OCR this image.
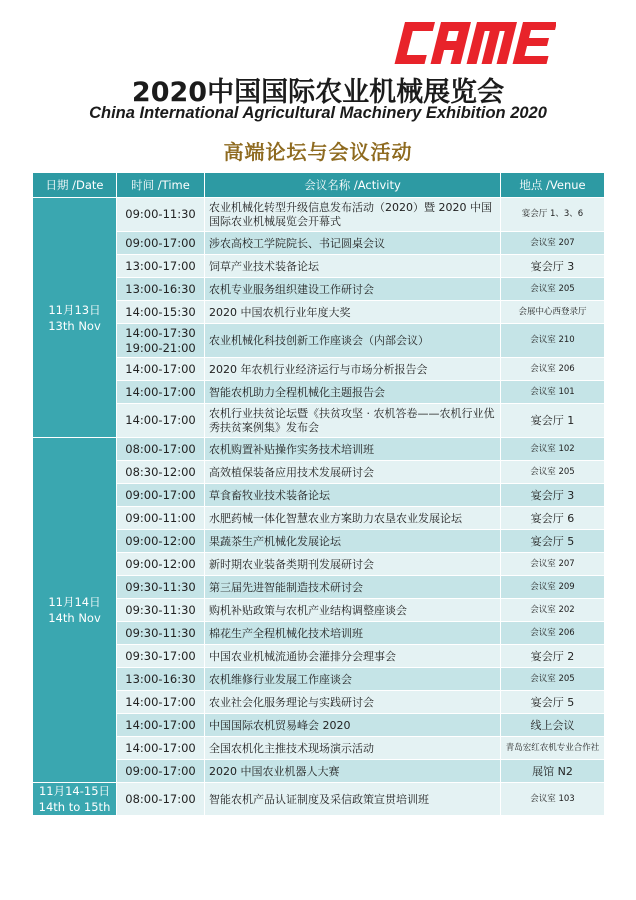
2020中国国际农业机械展览会
China International Agricultural Machinery Exhibition 2020
高端论坛与会议活动
日期 /Date	时间 /Time	会议名称 /Activity	地点 /Venue

11月13日
13th Nov	09:00-11:30	农业机械化转型升级信息发布活动（2020）暨 2020 中国国际农业机械展览会开幕式	宴会厅 1、3、6

	09:00-17:00	涉农高校工学院院长、书记圆桌会议	会议室 207

	13:00-17:00	饲草产业技术装备论坛	宴会厅 3

	13:00-16:30	农机专业服务组织建设工作研讨会	会议室 205

	14:00-15:30	2020 中国农机行业年度大奖	会展中心西登录厅

	14:00-17:30
19:00-21:00	农业机械化科技创新工作座谈会（内部会议）	会议室 210

	14:00-17:00	2020 年农机行业经济运行与市场分析报告会	会议室 206

	14:00-17:00	智能农机助力全程机械化主题报告会	会议室 101

	14:00-17:00	农机行业扶贫论坛暨《扶贫攻坚 · 农机答卷——农机行业优秀扶贫案例集》发布会	宴会厅 1

11月14日
14th Nov	08:00-17:00	农机购置补贴操作实务技术培训班	会议室 102

	08:30-12:00	高效植保装备应用技术发展研讨会	会议室 205

	09:00-17:00	草食畜牧业技术装备论坛	宴会厅 3

	09:00-11:00	水肥药械一体化智慧农业方案助力农垦农业发展论坛	宴会厅 6

	09:00-12:00	果蔬茶生产机械化发展论坛	宴会厅 5

	09:00-12:00	新时期农业装备类期刊发展研讨会	会议室 207

	09:30-11:30	第三届先进智能制造技术研讨会	会议室 209

	09:30-11:30	购机补贴政策与农机产业结构调整座谈会	会议室 202

	09:30-11:30	棉花生产全程机械化技术培训班	会议室 206

	09:30-17:00	中国农业机械流通协会灌排分会理事会	宴会厅 2

	13:00-16:30	农机维修行业发展工作座谈会	会议室 205

	14:00-17:00	农业社会化服务理论与实践研讨会	宴会厅 5

	14:00-17:00	中国国际农机贸易峰会 2020	线上会议

	14:00-17:00	全国农机化主推技术现场演示活动	青岛宏红农机专业合作社

	09:00-17:00	2020 中国农业机器人大赛	展馆 N2

11月14-15日
14th to 15th	08:00-17:00	智能农机产品认证制度及采信政策宣贯培训班	会议室 103
